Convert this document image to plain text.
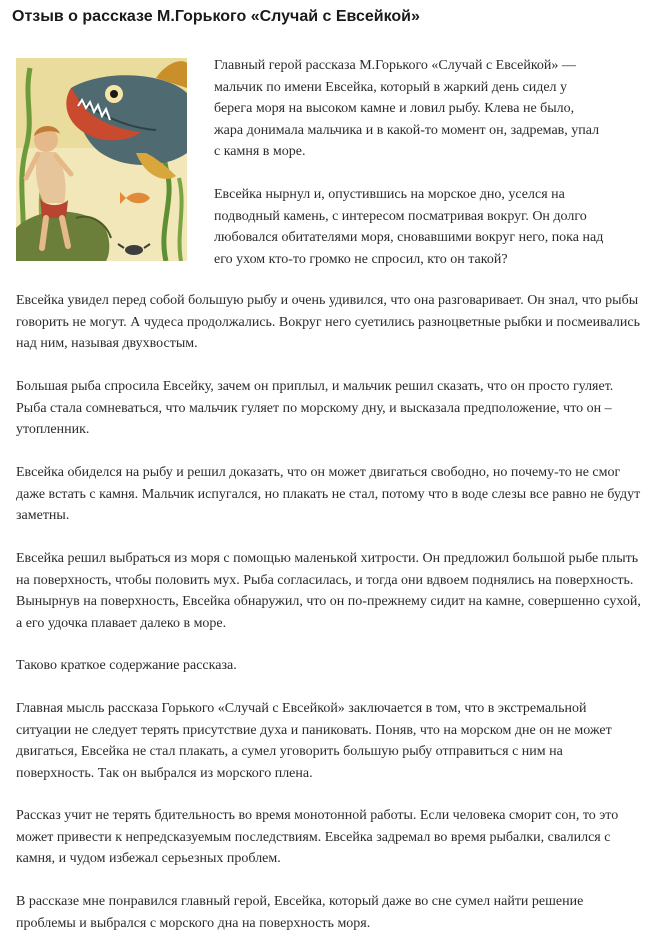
Отзыв о рассказе М.Горького «Случай с Евсейкой»

Главный герой рассказа М.Горького «Случай с Евсейкой» — мальчик по имени Евсейка, который в жаркий день сидел у берега моря на высоком камне и ловил рыбу. Клева не было, жара донимала мальчика и в какой-то момент он, задремав, упал с камня в море.

Евсейка нырнул и, опустившись на морское дно, уселся на подводный камень, с интересом посматривая вокруг. Он долго любовался обитателями моря, сновавшими вокруг него, пока над его ухом кто-то громко не спросил, кто он такой?

Евсейка увидел перед собой большую рыбу и очень удивился, что она разговаривает. Он знал, что рыбы говорить не могут. А чудеса продолжались. Вокруг него суетились разноцветные рыбки и посмеивались над ним, называя двухвостым.

Большая рыба спросила Евсейку, зачем он приплыл, и мальчик решил сказать, что он просто гуляет. Рыба стала сомневаться, что мальчик гуляет по морскому дну, и высказала предположение, что он – утопленник.

Евсейка обиделся на рыбу и решил доказать, что он может двигаться свободно, но почему-то не смог даже встать с камня. Мальчик испугался, но плакать не стал, потому что в воде слезы все равно не будут заметны.

Евсейка решил выбраться из моря с помощью маленькой хитрости. Он предложил большой рыбе плыть на поверхность, чтобы половить мух. Рыба согласилась, и тогда они вдвоем поднялись на поверхность. Вынырнув на поверхность, Евсейка обнаружил, что он по-прежнему сидит на камне, совершенно сухой, а его удочка плавает далеко в море.

Таково краткое содержание рассказа.

Главная мысль рассказа Горького «Случай с Евсейкой» заключается в том, что в экстремальной ситуации не следует терять присутствие духа и паниковать. Поняв, что на морском дне он не может двигаться, Евсейка не стал плакать, а сумел уговорить большую рыбу отправиться с ним на поверхность. Так он выбрался из морского плена.

Рассказ учит не терять бдительность во время монотонной работы. Если человека сморит сон, то это может привести к непредсказуемым последствиям. Евсейка задремал во время рыбалки, свалился с камня, и чудом избежал серьезных проблем.

В рассказе мне понравился главный герой, Евсейка, который даже во сне сумел найти решение проблемы и выбрался с морского дна на поверхность моря.
